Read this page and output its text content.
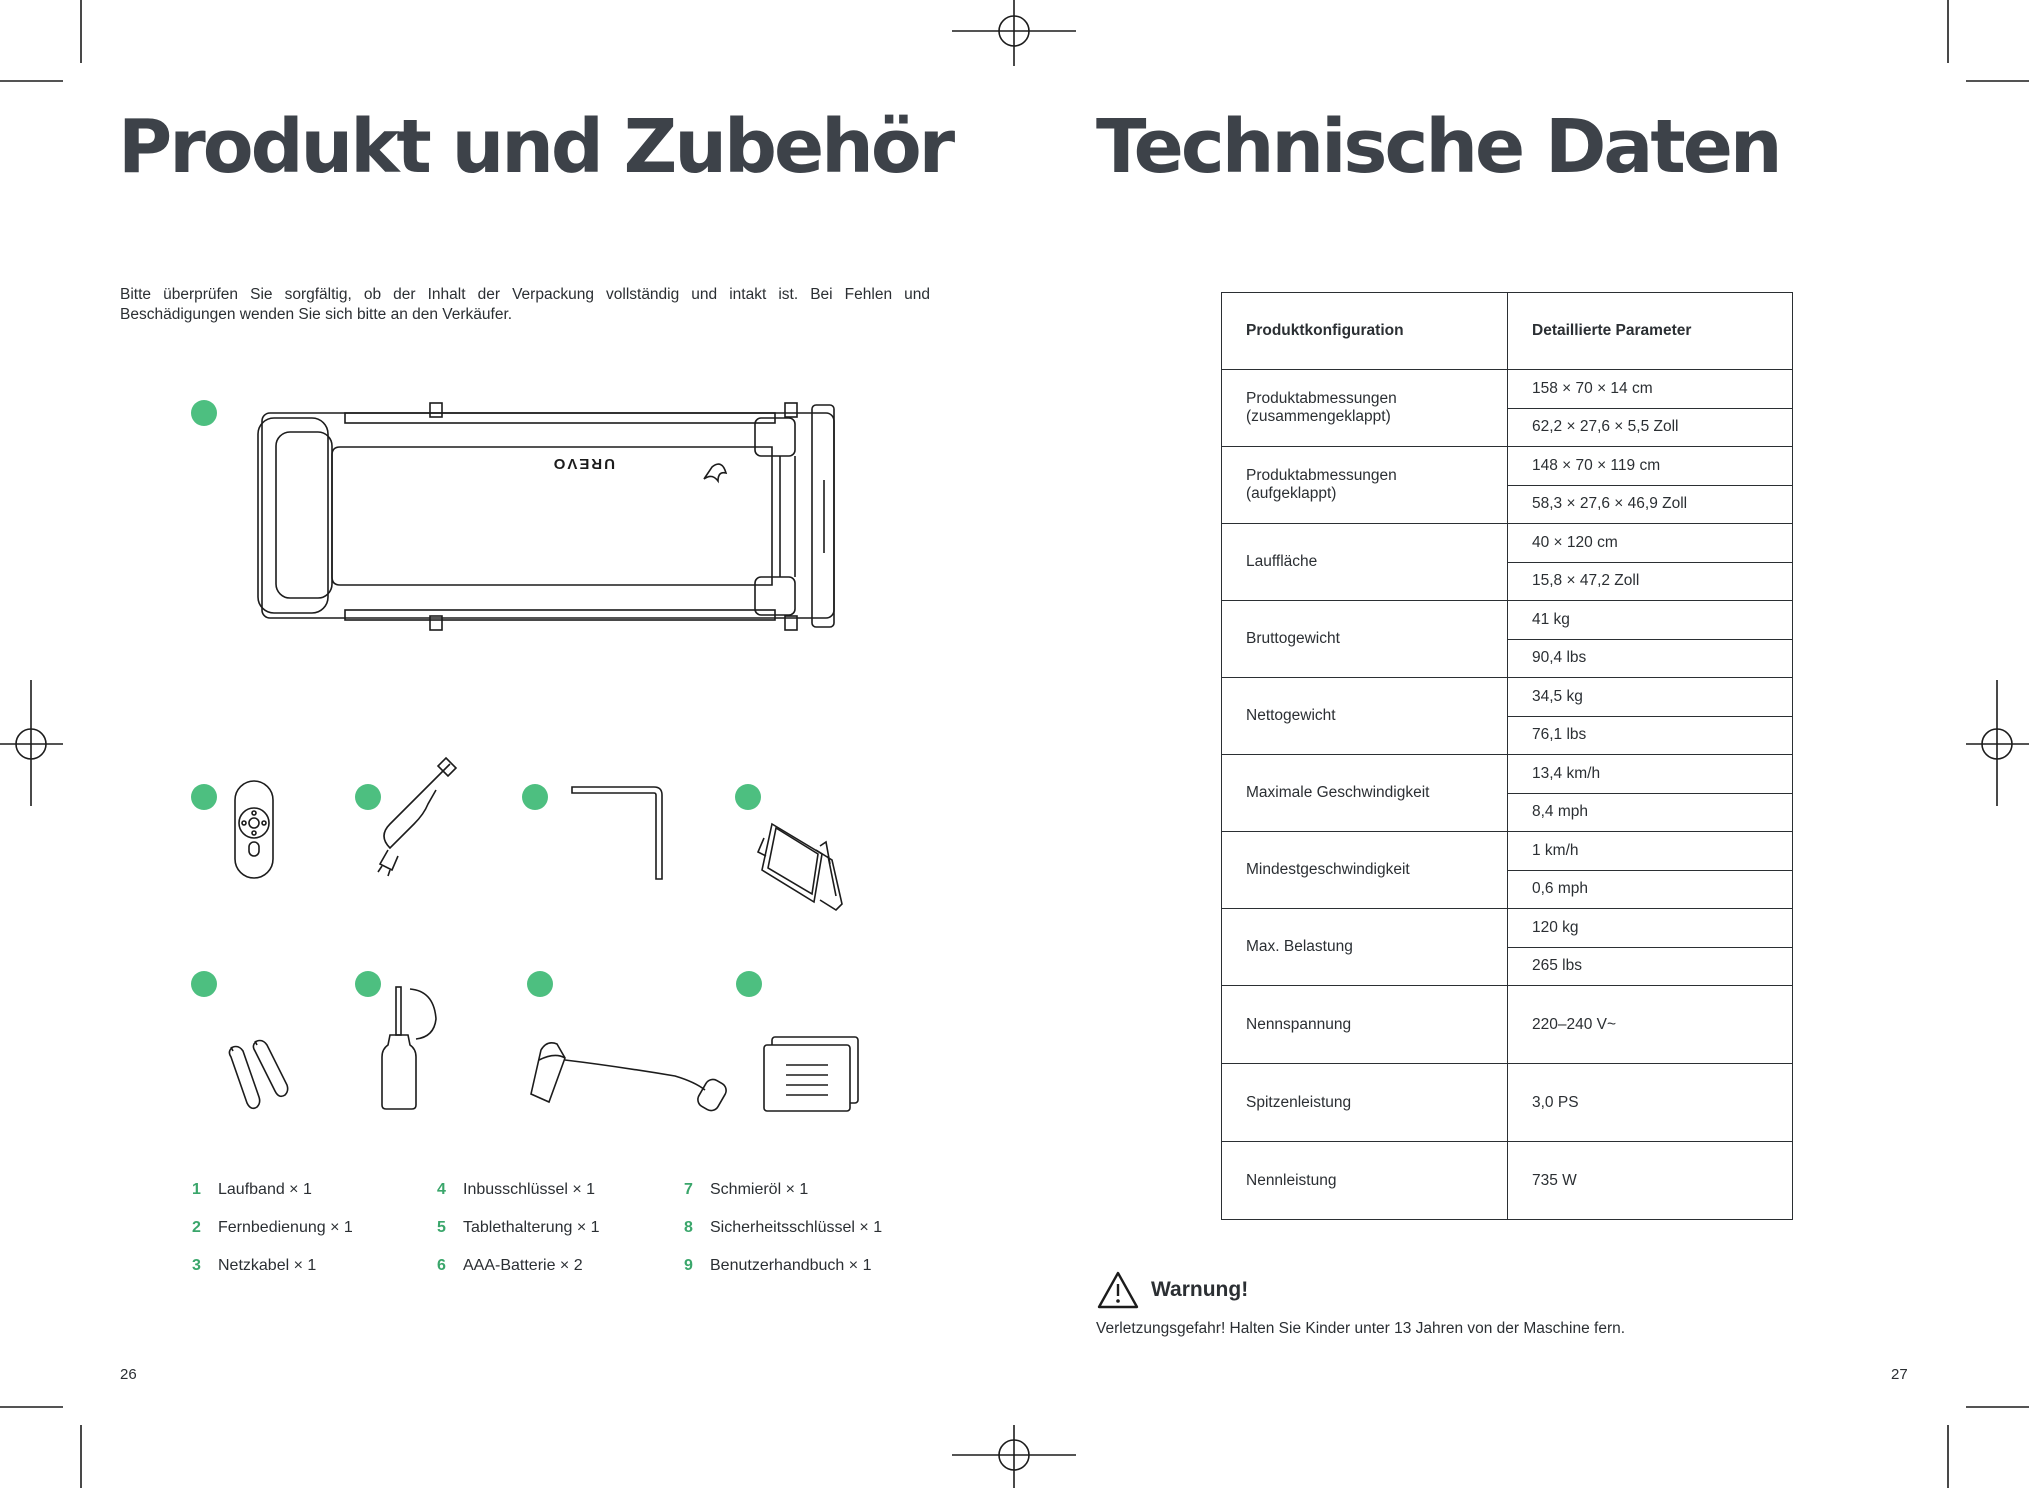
Produkt und Zubehör

Bitte überprüfen Sie sorgfältig, ob der Inhalt der Verpackung vollständig und intakt ist. Bei Fehlen und Beschädigungen wenden Sie sich bitte an den Verkäufer.

UREVO
1	Laufband × 1
2	Fernbedienung × 1
3	Netzkabel × 1
4	Inbusschlüssel × 1
5	Tablethalterung × 1
6	AAA-Batterie × 2
7	Schmieröl × 1
8	Sicherheitsschlüssel × 1
9	Benutzerhandbuch × 1
26
Technische Daten
Produktkonfiguration	Detaillierte Parameter
Produktabmessungen
(zusammengeklappt)	158 × 70 × 14 cm
	62,2 × 27,6 × 5,5 Zoll
Produktabmessungen
(aufgeklappt)	148 × 70 × 119 cm
	58,3 × 27,6 × 46,9 Zoll
Lauffläche	40 × 120 cm
	15,8 × 47,2 Zoll
Bruttogewicht	41 kg
	90,4 lbs
Nettogewicht	34,5 kg
	76,1 lbs
Maximale Geschwindigkeit	13,4 km/h
	8,4 mph
Mindestgeschwindigkeit	1 km/h
	0,6 mph
Max. Belastung	120 kg
	265 lbs
Nennspannung	220–240 V~
Spitzenleistung	3,0 PS
Nennleistung	735 W
Warnung!
Verletzungsgefahr! Halten Sie Kinder unter 13 Jahren von der Maschine fern.
27
